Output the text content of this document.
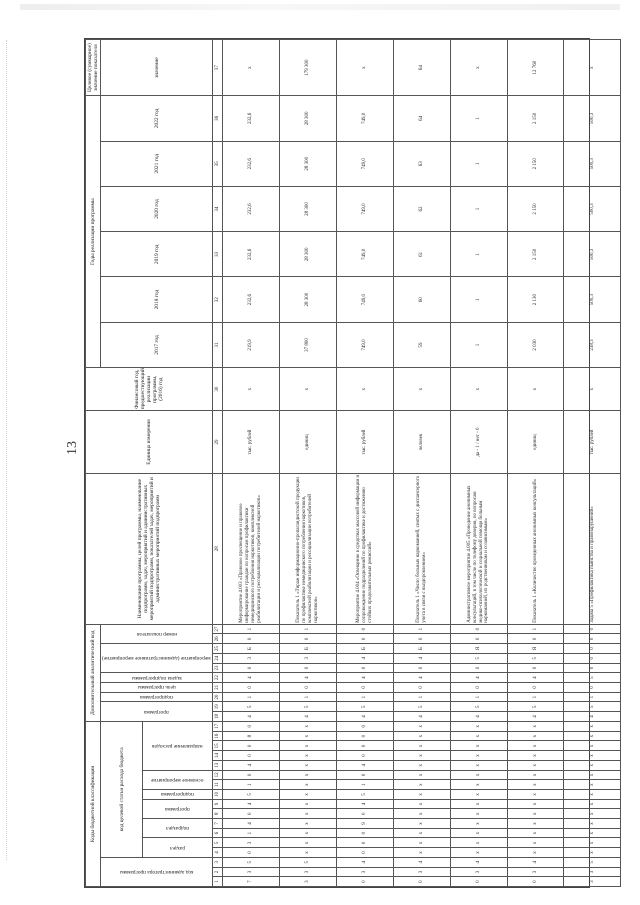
13
Коды бюджетной классификации																	Дополнительный аналитический код										Наименование программы, целей программы, наименование подпрограмм, задач, мероприятий и административных мероприятий подпрограмм, показателей задач, мероприятий и административных мероприятий подпрограмм	Единица измерения	Финансовый год, предшествующий реализации программы, (2016) год	Годы реализации программы						Целевое (суммарное) значение показателя

код администратора программы			код целевой статьи расхода бюджета														программа		подпрограмма	цель программы	задача подпрограммы	мероприятие (административное мероприятие)			номер показателя					2017 год	2018 год	2019 год	2020 год	2021 год	2022 год	значение

			раздел		подраздел		программа		подпрограмма	основное мероприятие		направление расходов																								

1	2	3	4	5	6	7	8	9	10	11	12	13	14	15	16	17	18	19	20	21	22	23	24	25	26	27	28	29	30	31	32	33	34	35	36	37
7	3	5	0	3	1	4	0	4	5	1	0	4	0	0	8	0	4	5	1	0	4	0	3	Б	0	1	Мероприятие 4.003 «Правовое просвещение и правовое информирование граждан по вопросам профилактики немедицинского потребления наркотиков, комплексной реабилитации и ресоциализации потребителей наркотиков»	тыс. рублей	x	219,9	232,6	232,6	232,6	232,6	232,6	x
3	3	5	x	x	x	x	x	x	x	x	x	x	x	x	x	x	4	5	1	0	4	0	3	Б	0	1	Показатель 1 «Тираж информационно-пропагандистской продукции по профилактике немедицинского потребления наркотиков, комплексной реабилитации и ресоциализации потребителей наркотиков»	единиц	x	37 800	28 300	28 300	28 300	28 300	28 300	179 300
0	3	4	0	0	0	9	0	4	5	1	0	4	0	0	0	0	4	5	1	0	4	0	4	Б	0	0	Мероприятие 4.004 «Освещение в средствах массовой информации и сопровождение подразделений по профилактике и достижению стойких продолжительных ремиссий»	тыс. рублей	x	749,0	749,0	749,0	749,0	749,0	749,0	x
0	3	4	x	x	x	x	x	x	x	x	x	x	x	x	x	x	4	5	1	0	4	0	4	Б	0	1	Показатель 1 «Число больных наркоманией, снятых с диспансерного учета в связи с выздоровлением»	человек	x	59	60	61	62	63	64	64
0	3	4	x	x	x	x	x	x	x	x	x	x	x	x	x	x	4	5	1	0	4	0	5	Я	0	0	Административное мероприятие 4.005 «Проведение анонимных консультаций, в том числе по телефону доверия, по вопросам медико-психологической и социальной помощи больным наркоманией, их родственникам и созависимым»	да - 1 / нет - 0	x	1	1	1	1	1	1	x
0	3	4	x	x	x	x	x	x	x	x	x	x	x	x	x	x	4	5	1	0	4	0	5	Я	0	1	Показатель 1 «Количество проведенных анонимных консультаций»	единиц	x	2 030	2 130	2 150	2 150	2 150	2 150	12 760
3	3	5	x	x	x	x	x	x	x	x	x	x	x	x	x	x	4	5	1	0	5	0	0	0	0	0	Задача 5 «Профилактика пьянства и правонарушений»	тыс. рублей	x	238,3	500,3	500,3	500,3	500,3	500,3	x
